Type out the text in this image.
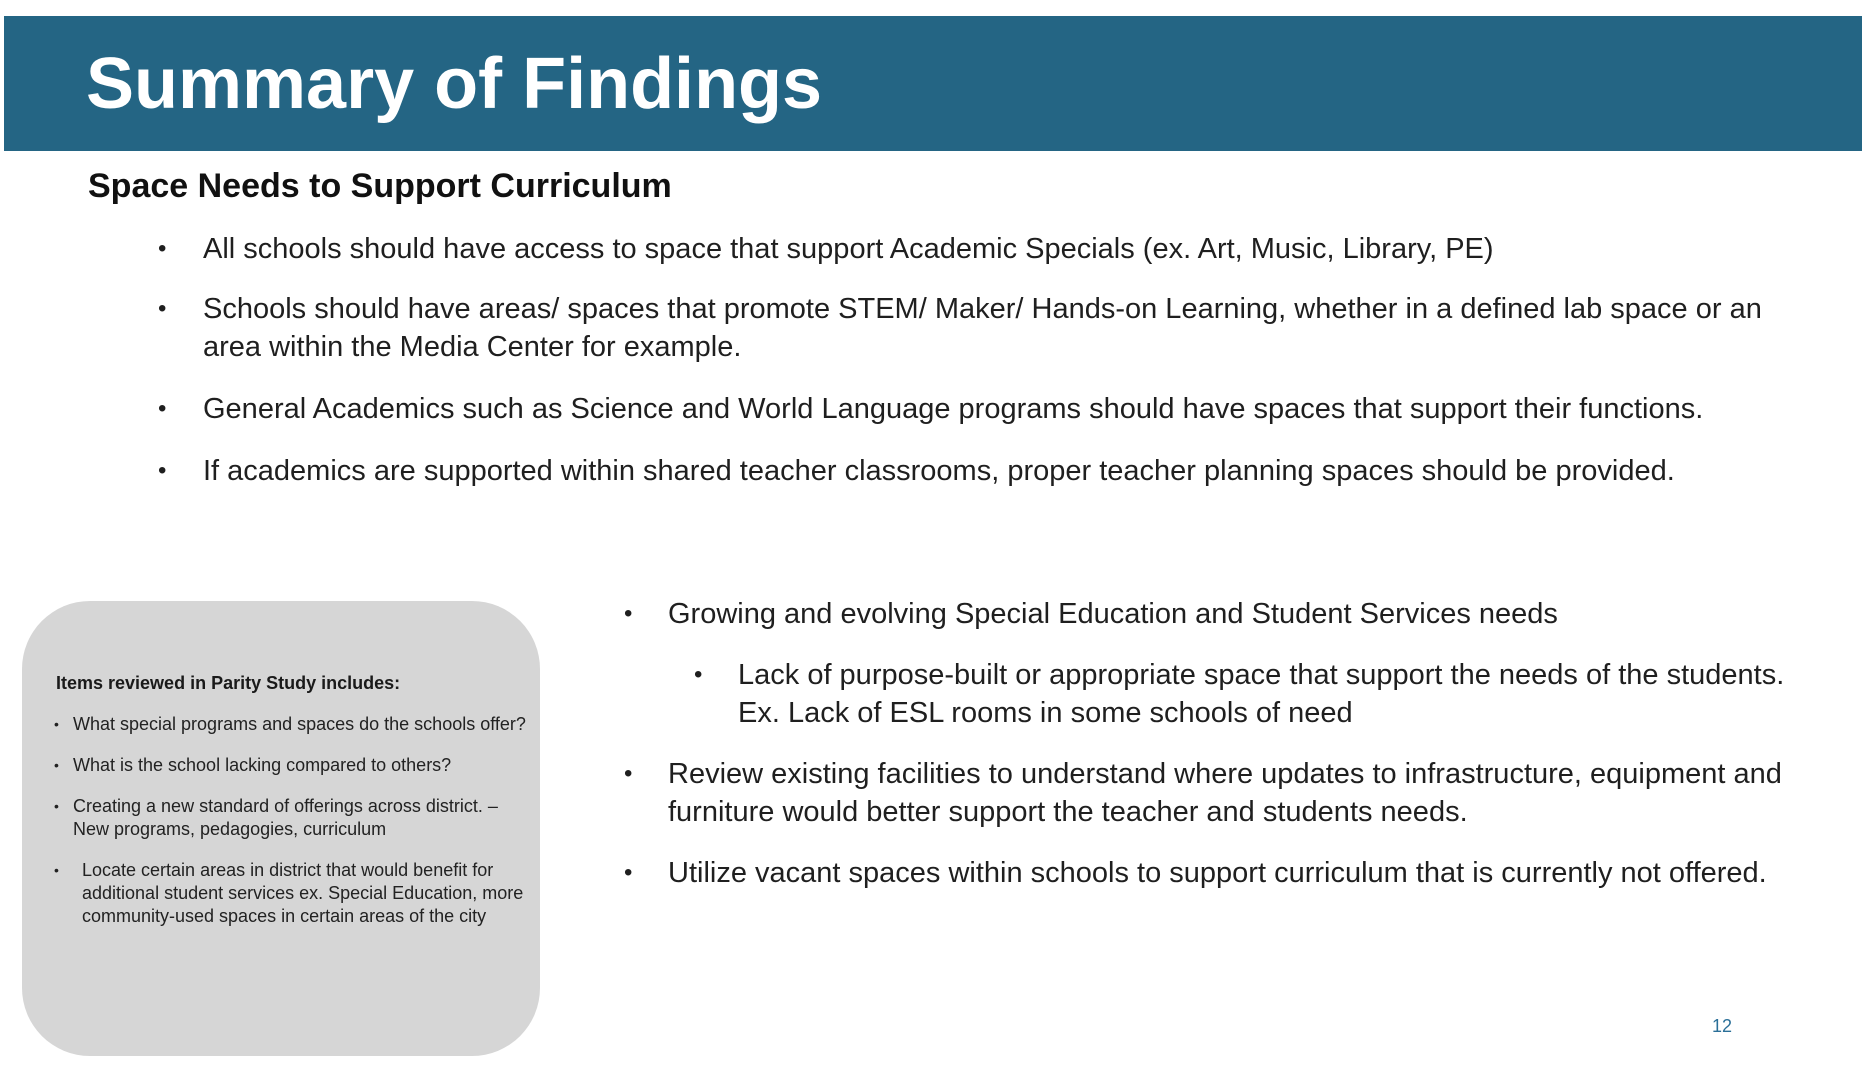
Summary of Findings
Space Needs to Support Curriculum
• All schools should have access to space that support Academic Specials (ex. Art, Music, Library, PE)
• Schools should have areas/ spaces that promote STEM/ Maker/ Hands-on Learning, whether in a defined lab space or an area within the Media Center for example.
• General Academics such as Science and World Language programs should have spaces that support their functions.
• If academics are supported within shared teacher classrooms, proper teacher planning spaces should be provided.

Items reviewed in Parity Study includes:

• What special programs and spaces do the schools offer?
• What is the school lacking compared to others?
• Creating a new standard of offerings across district. – New programs, pedagogies, curriculum
• Locate certain areas in district that would benefit for additional student services ex. Special Education, more community-used spaces in certain areas of the city
• Growing and evolving Special Education and Student Services needs
• Lack of purpose-built or appropriate space that support the needs of the students. Ex. Lack of ESL rooms in some schools of need
• Review existing facilities to understand where updates to infrastructure, equipment and furniture would better support the teacher and students needs.
• Utilize vacant spaces within schools to support curriculum that is currently not offered.
12
